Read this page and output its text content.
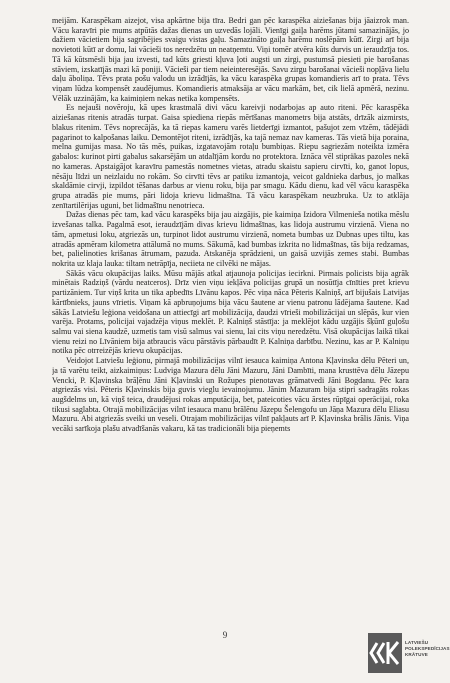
meijām. Karaspēkam aizejot, visa apkārtne bija tīra. Bedri gan pēc karaspēka aiziešanas bija jāaizrok man. Vācu karavīri pie mums atpūtās dažas dienas un uzvedās lojāli. Vienīgi gaiļa harēms jūtami samazinājās, jo dažiem vācietiem bija sagribējies svaigu vistas gaļu. Samazināto gaiļa harēmu noslēpām kūtī. Zirgi arī bija novietoti kūtī ar domu, lai vācieši tos neredzētu un neatņemtu. Viņi tomēr atvēra kūts durvis un ieraudzīja tos. Tā kā kūtsmēsli bija jau izvesti, tad kūts griesti kļuva ļoti augsti un zirgi, pustumsā piesieti pie barošanas stāviem, izskatījās mazi kā poniji. Vācieši par tiem neieinteresējās. Savu zirgu barošanai vācieši nopļāva lielu daļu āboliņa. Tēvs prata pošu valodu un izrādījās, ka vācu karaspēka grupas komandieris arī to prata. Tēvs viņam lūdza kompensēt zaudējumus. Komandieris atmaksāja ar vācu markām, bet, cik lielā apmērā, nezinu. Vēlāk uzzinājām, ka kaimiņiem nekas netika kompensēts.

Es nejauši novēroju, kā upes krastmalā divi vācu kareivji nodarbojas ap auto riteni. Pēc karaspēka aiziešanas ritenis atradās turpat. Gaisa spiediena riepās mērīšanas manometrs bija atstāts, drīzāk aizmirsts, blakus ritenim. Tēvs noprecājās, ka tā riepas kameru varēs lietderīgi izmantot, pašujot zem vīzēm, tādējādi pagarinot to kalpošanas laiku. Demontējot riteni, izrādījās, ka tajā nemaz nav kameras. Tās vietā bija poraina, melna gumijas masa. No tās mēs, puikas, izgatavojām rotaļu bumbiņas. Riepu sagriezām noteikta izmēra gabalos: kurinot pirti gabalus sakarsējām un atdalījām kordu no protektora. Iznāca vēl stipräkas pazoles nekā no kameras. Apstaigājot karavīru pamestās nometnes vietas, atradu skaistu sapieru cirvīti, ko, ganot lopus, nēsāju līdzi un neizlaidu no rokām. So cirvīti tēvs ar patiku izmantoja, veicot galdnieka darbus, jo malkas skaldāmie cirvji, izpildot tēšanas darbus ar vienu roku, bija par smagu. Kādu dienu, kad vēl vācu karaspēka grupa atradās pie mums, pāri lidoja krievu lidmašīna. Tā vācu karaspēkam neuzbruka. Uz to atklāja zenītartilērijas uguni, bet lidmašīnu nenotrieca.

Dažas dienas pēc tam, kad vācu karaspēks bija jau aizgājis, pie kaimiņa Izidora Vilmenieša notika mēslu izvešanas talka. Pagalmā esot, ieraudzījām divas krievu lidmašīnas, kas lidoja austrumu virzienā. Viena no tām, apmetusi loku, atgriezās un, turpinot lidot austrumu virzienā, nometa bumbas uz Dubnas upes tiltu, kas atradās apmēram kilometra attālumā no mums. Sākumā, kad bumbas izkrita no lidmašīnas, tās bija redzamas, bet, palielinoties krišanas ātrumam, pazuda. Atskanēja sprādzieni, un gaisā uzvijās zemes stabi. Bumbas nokrita uz klaja lauka: tiltam netrāpīja, neciieta ne cilvēki ne mājas.

Sākās vācu okupācijas laiks. Mūsu mājās atkal atjaunoja policijas iecirkni. Pirmais policists bija agrāk minētais Radziņš (vārdu neatceros). Drīz vien viņu iekļāva policijas grupā un nosūtīja cīnīties pret krievu partizāniem. Tur viņš krita un tika apbedīts Līvānu kapos. Pēc viņa nāca Pēteris Kalniņš, arī bijušais Latvijas kārtībnieks, jauns vīrietis. Viņam kā apbruņojums bija vācu šautene ar vienu patronu lādējama šautene. Kad sākās Latviešu leģiona veidošana un attiecīgi arī mobilizācija, daudzi vīrieši mobilizācijai un slēpās, kur vien varēja. Protams, policijai vajadzēja viņus meklēt. P. Kalniņš stāstīja: ja meklējot kādu uzgājis šķūnī guļošu salmu vai siena kaudzē, uzmetis tam visū salmus vai sienu, lai cits viņu neredzētu. Visā okupācijas laikā tikai vienu reizi no Līvāniem bija atbraucis vācu pārstāvis pārbaudīt P. Kalniņa darbību. Nezinu, kas ar P. Kalniņu notika pēc otrreizējās krievu okupācijas.

Veidojot Latviešu leģionu, pirmajā mobilizācijas vilnī iesauca kaimiņa Antona Kļavinska dēlu Pēteri un, ja tā varētu teikt, aizkaimiņus: Ludviga Mazura dēlu Jāni Mazuru, Jāni Dambīti, mana krusttēva dēlu Jāzepu Vencki, P. Kļavinska brāļēnu Jāni Kļavinski un Rožupes pienotavas grāmatvedi Jāni Bogdanu. Pēc kara atgriezās visi. Pēteris Kļavinskis bija guvis vieglu ievainojumu. Jānim Mazuram bija stipri sadragāts rokas augšdelms un, kā viņš teica, draudējusi rokas amputācija, bet, pateicoties vācu ārstes rūpīgai operācijai, roka tikusi saglabta. Otrajā mobilizācijas vilnī iesauca manu brālēnu Jāzepu Šelengofu un Jāņa Mazura dēlu Eliasu Mazuru. Abi atgriezās sveiki un veseli. Otrajam mobilizācijas vilnī pakļauts arī P. Kļavinska brālis Jānis. Viņa vecāki sarīkoja plašu atvadīšanās vakaru, kā tas tradicionāli bija pieņemts

9
LATVIEŠU
POLEKSPEDĪCIJAS
KRĀTUVE
